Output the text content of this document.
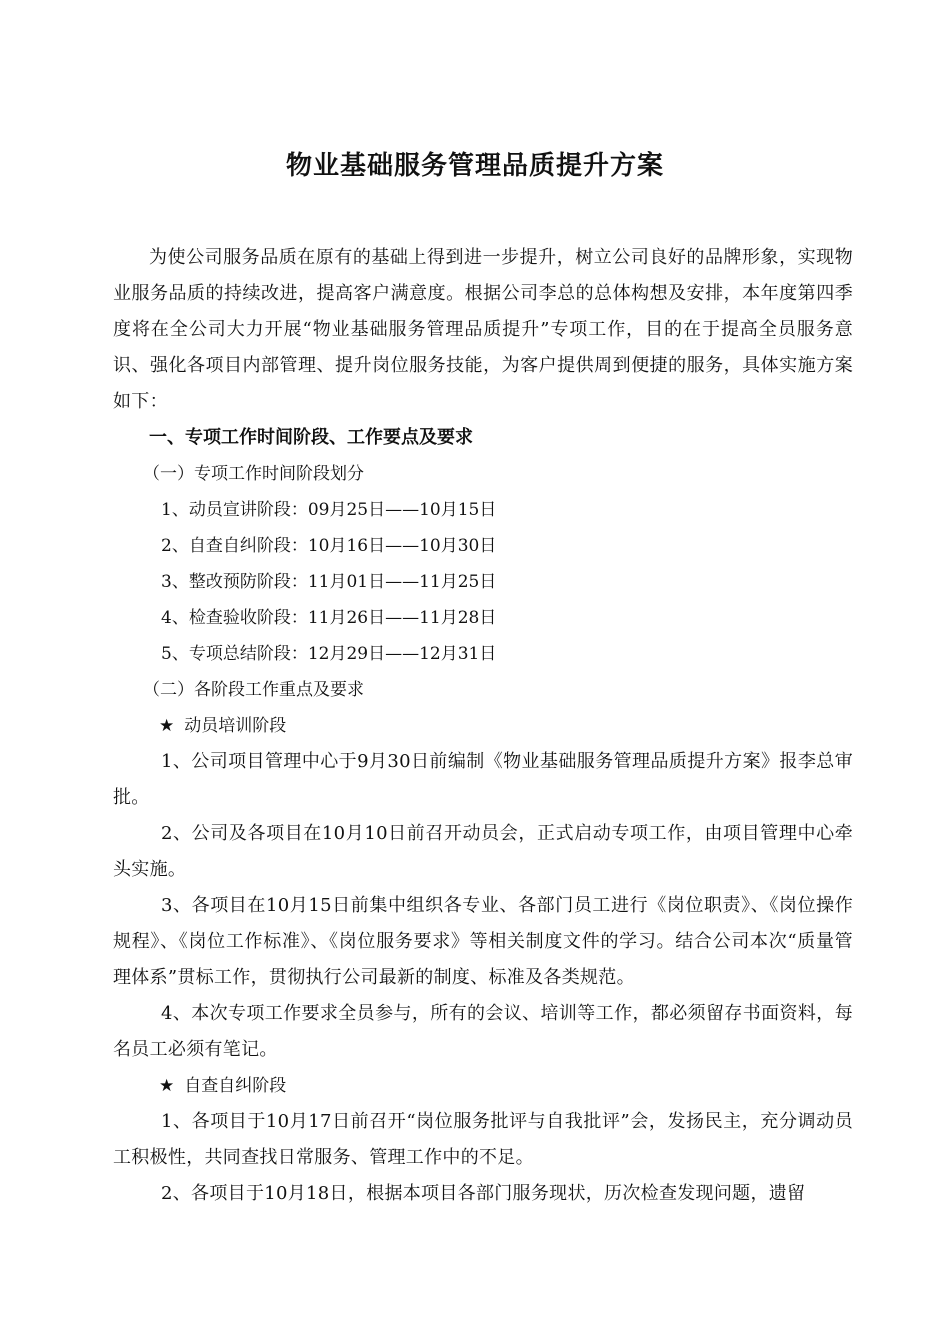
物业基础服务管理品质提升方案

为使公司服务品质在原有的基础上得到进一步提升，树立公司良好的品牌形象，实现物业服务品质的持续改进，提高客户满意度。根据公司李总的总体构想及安排，本年度第四季度将在全公司大力开展“物业基础服务管理品质提升”专项工作，目的在于提高全员服务意识、强化各项目内部管理、提升岗位服务技能，为客户提供周到便捷的服务，具体实施方案如下：

一、专项工作时间阶段、工作要点及要求

（一）专项工作时间阶段划分

1、动员宣讲阶段：09月25日——10月15日

2、自查自纠阶段：10月16日——10月30日

3、整改预防阶段：11月01日——11月25日

4、检查验收阶段：11月26日——11月28日

5、专项总结阶段：12月29日——12月31日

（二）各阶段工作重点及要求

★ 动员培训阶段

1、公司项目管理中心于9月30日前编制《物业基础服务管理品质提升方案》报李总审批。

2、公司及各项目在10月10日前召开动员会，正式启动专项工作，由项目管理中心牵头实施。

3、各项目在10月15日前集中组织各专业、各部门员工进行《岗位职责》、《岗位操作规程》、《岗位工作标准》、《岗位服务要求》等相关制度文件的学习。结合公司本次“质量管理体系”贯标工作，贯彻执行公司最新的制度、标准及各类规范。

4、本次专项工作要求全员参与，所有的会议、培训等工作，都必须留存书面资料，每名员工必须有笔记。

★ 自查自纠阶段

1、各项目于10月17日前召开“岗位服务批评与自我批评”会，发扬民主，充分调动员工积极性，共同查找日常服务、管理工作中的不足。

2、各项目于10月18日，根据本项目各部门服务现状，历次检查发现问题，遗留
